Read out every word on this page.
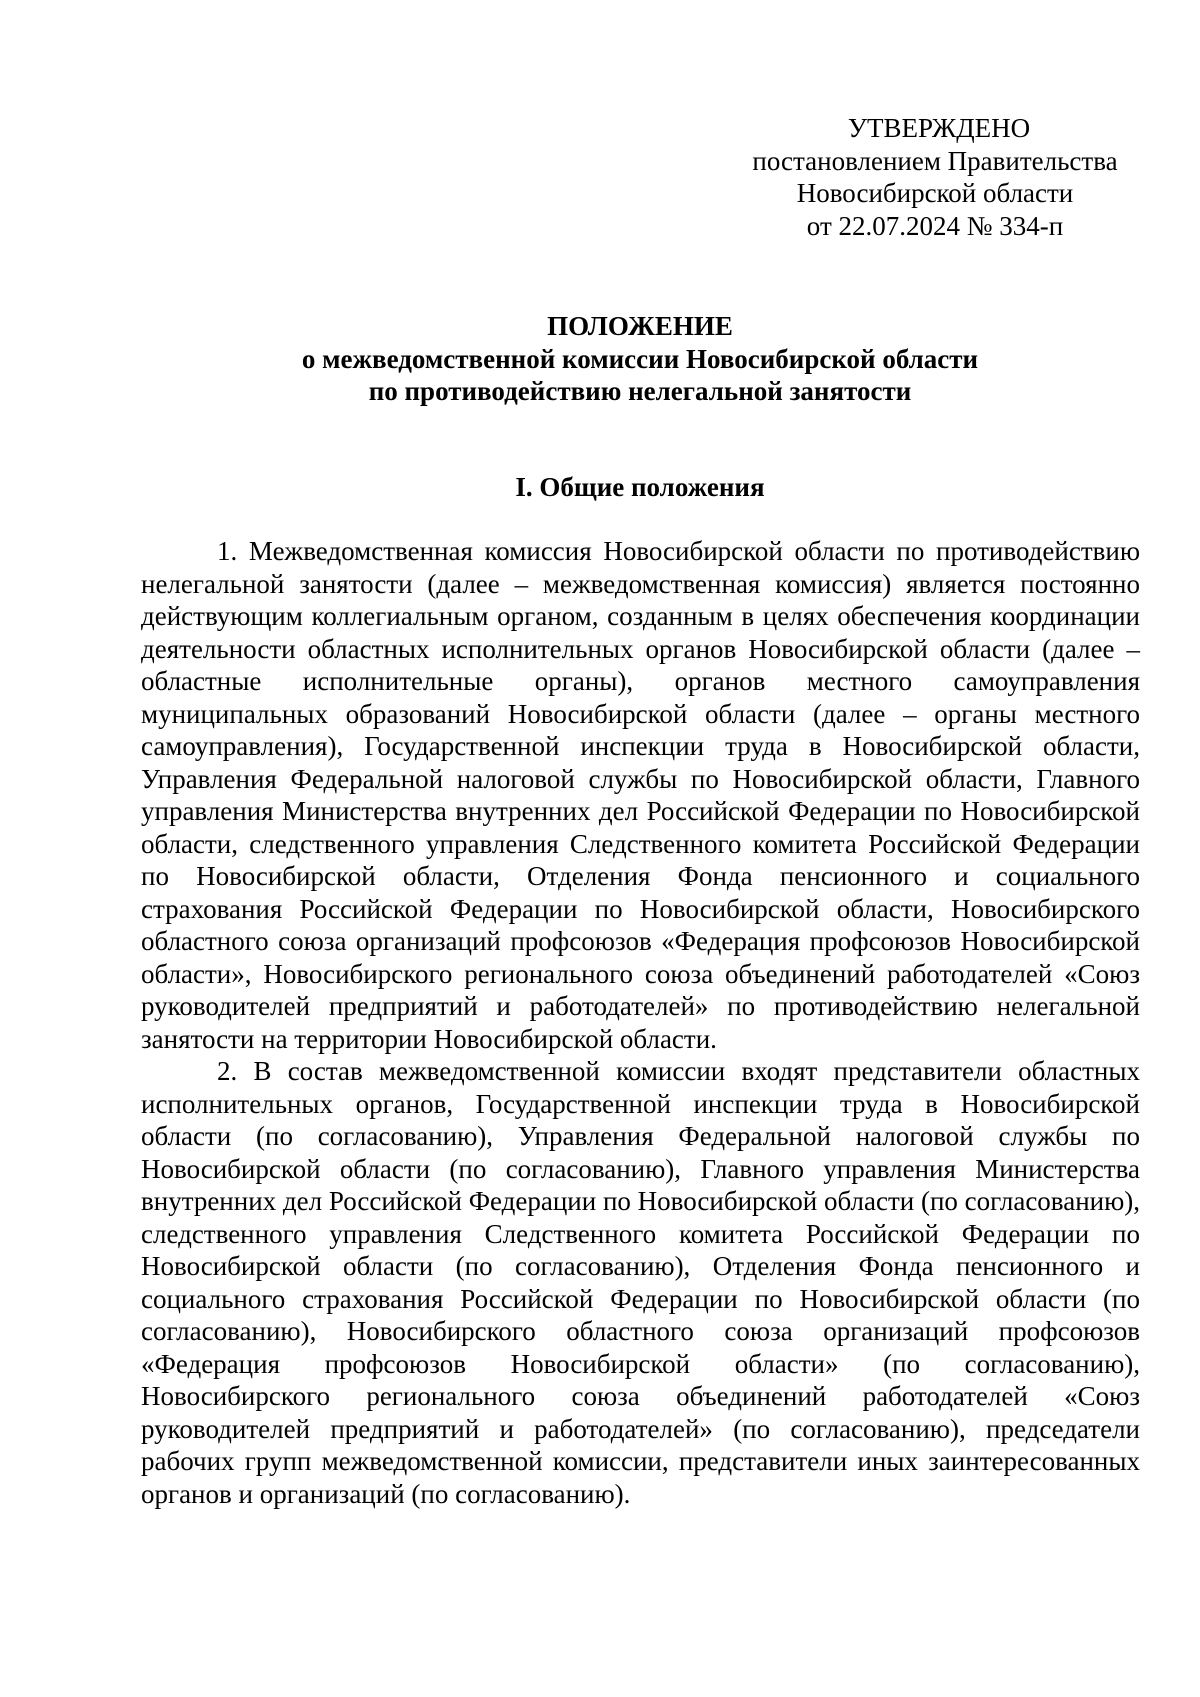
УТВЕРЖДЕНО
постановлением Правительства
Новосибирской области
от 22.07.2024 № 334-п
ПОЛОЖЕНИЕ
о межведомственной комиссии Новосибирской области
по противодействию нелегальной занятости
I. Общие положения

1. Межведомственная комиссия Новосибирской области по противодействию нелегальной занятости (далее – межведомственная комиссия) является постоянно действующим коллегиальным органом, созданным в целях обеспечения координации деятельности областных исполнительных органов Новосибирской области (далее – областные исполнительные органы), органов местного самоуправления муниципальных образований Новосибирской области (далее – органы местного самоуправления), Государственной инспекции труда в Новосибирской области, Управления Федеральной налоговой службы по Новосибирской области, Главного управления Министерства внутренних дел Российской Федерации по Новосибирской области, следственного управления Следственного комитета Российской Федерации по Новосибирской области, Отделения Фонда пенсионного и социального страхования Российской Федерации по Новосибирской области, Новосибирского областного союза организаций профсоюзов «Федерация профсоюзов Новосибирской области», Новосибирского регионального союза объединений работодателей «Союз руководителей предприятий и работодателей» по противодействию нелегальной занятости на территории Новосибирской области.

2. В состав межведомственной комиссии входят представители областных исполнительных органов, Государственной инспекции труда в Новосибирской области (по согласованию), Управления Федеральной налоговой службы по Новосибирской области (по согласованию), Главного управления Министерства внутренних дел Российской Федерации по Новосибирской области (по согласованию), следственного управления Следственного комитета Российской Федерации по Новосибирской области (по согласованию), Отделения Фонда пенсионного и социального страхования Российской Федерации по Новосибирской области (по согласованию), Новосибирского областного союза организаций профсоюзов «Федерация профсоюзов Новосибирской области» (по согласованию), Новосибирского регионального союза объединений работодателей «Союз руководителей предприятий и работодателей» (по согласованию), председатели рабочих групп межведомственной комиссии, представители иных заинтересованных органов и организаций (по согласованию).
